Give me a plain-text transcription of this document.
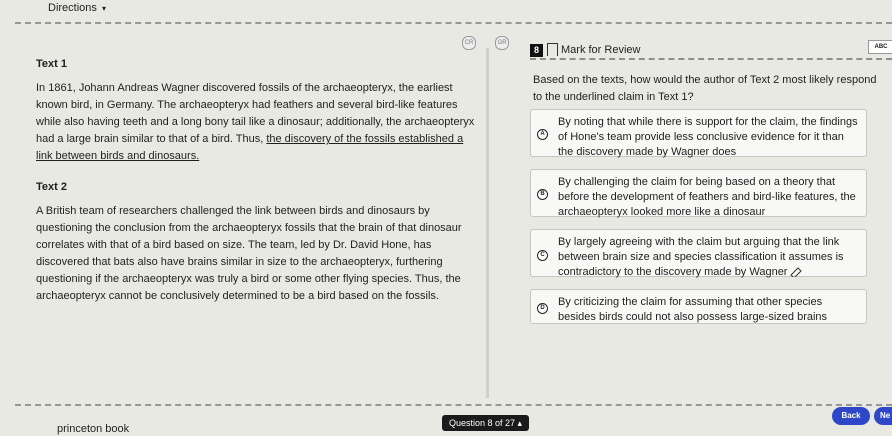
Directions ▾
CR	GR
Text 1

In 1861, Johann Andreas Wagner discovered fossils of the archaeopteryx, the earliest known bird, in Germany. The archaeopteryx had feathers and several bird-like features while also having teeth and a long bony tail like a dinosaur; additionally, the archaeopteryx had a large brain similar to that of a bird. Thus, the discovery of the fossils established a link between birds and dinosaurs.

Text 2

A British team of researchers challenged the link between birds and dinosaurs by questioning the conclusion from the archaeopteryx fossils that the brain of that dinosaur correlates with that of a bird based on size. The team, led by Dr. David Hone, has discovered that bats also have brains similar in size to the archaeopteryx, furthering questioning if the archaeopteryx was truly a bird or some other flying species. Thus, the archaeopteryx cannot be conclusively determined to be a bird based on the fossils.

8	Mark for Review	ABC
Based on the texts, how would the author of Text 2 most likely respond to the underlined claim in Text 1?
A
By noting that while there is support for the claim, the findings of Hone's team provide less conclusive evidence for it than the discovery made by Wagner does
B
By challenging the claim for being based on a theory that before the development of feathers and bird-like features, the archaeopteryx looked more like a dinosaur
C
By largely agreeing with the claim but arguing that the link between brain size and species classification it assumes is contradictory to the discovery made by Wagner
D	By criticizing the claim for assuming that other species besides birds could not also possess large-sized brains
princeton book	Question 8 of 27 ▴
Back	Ne
